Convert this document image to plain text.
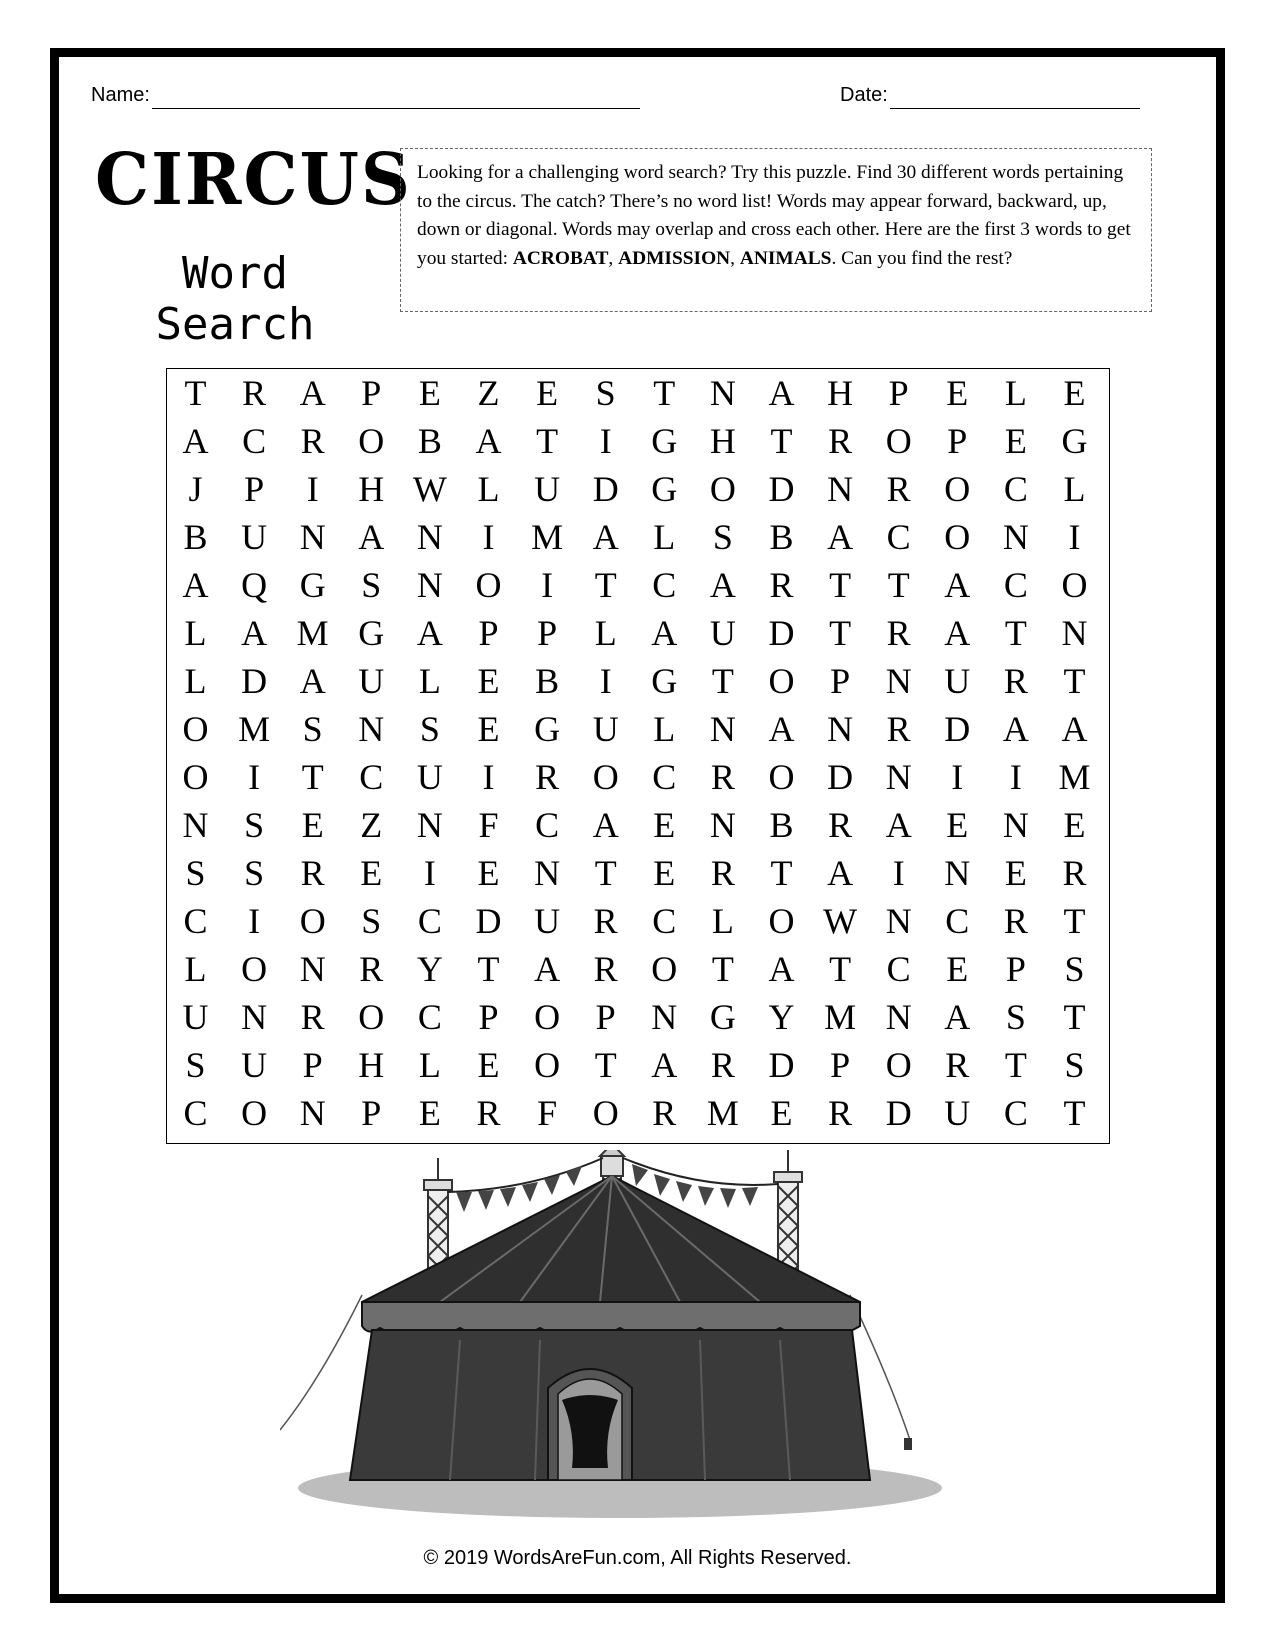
Name:	Date:
CIRCUS
Word Search
Looking for a challenging word search? Try this puzzle. Find 30 different words pertaining to the circus. The catch? There’s no word list! Words may appear forward, backward, up, down or diagonal. Words may overlap and cross each other. Here are the first 3 words to get you started: ACROBAT, ADMISSION, ANIMALS. Can you find the rest?
T R A P	E	Z	E	S	T N A H P	E	L	E
A C R O B A T	I	G H T R O P	E G
J	P	I	H W L U D G O D N R O C L
B U N A N	I	M A L	S	B A C O N	I
A Q G S N O	I	T C A R T	T A C O
L A M G A P	P	L A U D T R A T N
L D A U L	E B	I	G T O P N U R T
O M S N S	E G U L N A N R D A A
O	I	T C U	I	R O C R O D N	I	I	M
N S	E	Z N F	C A E N B R A E N E
S	S	R E	I	E N T	E R T A	I	N E R
C	I	O S	C D U R C L O W N C R T
L O N R Y T A R O T A T C E	P	S
U N R O C	P O P N G Y M N A S	T
S U P H L	E O T A R D P O R T	S
C O N P	E R	F O R M E R D U C T
© 2019 WordsAreFun.com, All Rights Reserved.
